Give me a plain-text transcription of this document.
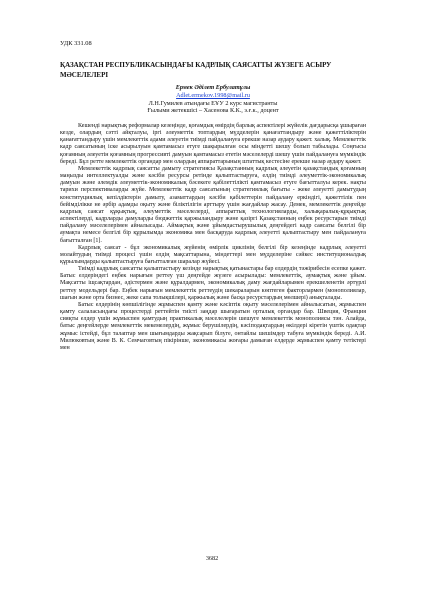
УДК 331.08
ҚАЗАҚСТАН РЕСПУБЛИКАСЫНДАҒЫ КАДРЛЫҚ САЯСАТТЫ ЖҮЗЕГЕ АСЫРУ МӘСЕЛЕЛЕРІ
Ермек Әділет Ербулатұлы
Adlet.ermekov.1998@mail.ru
Л.Н.Гумилев атындағы ЕҰУ 2 курс магистранты
Ғылыми жетекшісі – Хасенова К.К., э.ғ.к., доцент

Кешенді нарықтық реформалар кезеңінде, қоғамдық өмірдің барлық аспектілері жүйелік дағдарысқа ұшыраған кезде, олардың сәтті айқталуы, іргі әлеуметтік топтардың мүдделерін қанағаттандыру және қажеттіліктерін қанағаттандыру үшін мемлекеттік адами әлеуетін тиімді пайдалануға ерекше назар аудару қажет. халық. Мемлекеттік кадр саясатының іске асырылуын қамтамасыз етуге шақырылған осы міндетті шешу болып табылады. Соңғысы қоғамның әлеуетін қоғамның прогрессивті дамуын қамтамасыз ететін мәселелерді шешу үшін пайдалануға мүмкіндік береді. Бұл ретте мемлекеттік органдар мен олардың аппараттарының штаттық кестесіне ерекше назар аудару қажет.

Мемлекеттік кадрлық саясатты дамыту стратегиясы Қазақстанның кадрлық әлеуетін қазақстандық қоғамның маңызды интеллектуалды және кәсіби ресурсы ретінде қалыптастыруға, елдің тиімді әлеуметтік-экономикалық дамуын және әлемдік әлеуметтік-экономикалық бәсекеге қабілеттілікті қамтамасыз етуге бағытталуы керек. нақты тарихи перспективаларды жүйе. Мемлекеттік кадр саясатының стратегиялық бағыты - жеке әлеуетті дамытудың конституциялық кепілдіктерін дамыту, азаматтардың кәсіби қабілеттерін пайдалану еркіндігі, қажеттілік пен бейімділікке не әрбір адамды оқыту және біліктілігін арттыру үшін жағдайлар жасау. Демек, мемлекеттік деңгейде кадрлық саясат құқықтық, әлеуметтік мәселелерді, аппараттық технологияларды, халықаралық-құқықтық аспектілерді, кадрларды дамуларды бюджеттік қаржыландыру және қазіргі Қазақстанның еңбек ресурстарын тиімді пайдалану мәселелерімен айналысады. Аймақтық және ұйымдастырушылық деңгейдегі кадр саясаты белгілі бір аумақта немесе белгілі бір құрылымда экономика мен басқаруда кадрлық әлеуетті қалыптастыру мен пайдалануға бағытталған [1].

Кадрлық саясат - бұл экономикалық жүйенің өмірлік циклінің белгілі бір кезеңінде кадрлық әлеуетті молайтудың тиімді процесі үшін елдің мақсаттарына, міндеттері мен мүдделеріне сәйкес институционалдық құрылымдарды қалыптастыруға бағытталған шаралар жүйесі.

Тиімді кадрлық саясатты қалыптастыру кезінде нарықтық қатынастары бар елдердің тәжірибесін есепке қажет. Батыс елдеріндегі еңбек нарығын реттеу үш деңгейде жүзеге асырылады: мемлекеттік, аумақтық және ұйым. Мақсатты іщсақтардан, әдістермен және құралдармен, экономикалық даму жағдайларымен ерекшеленетін әртүрлі реттеу модельдері бар. Еңбек нарығын мемлекеттік реттеудің шекараларын көптеген факторлармен (монополиялар, шағын және орта бизнес, жеке сапа толықшілері, қаржылық және басқа ресурстардың мөлшері) анықталады.

Батыс елдерінің көпшілігінде жұмыспен қамту және кәсіптік оқыту мәселелерімен айналысатын, жұмыспен қамту салаласындағы процестерді реттейтін тиісті заңдар шығаратын орталық органдар бар. Швеция, Франция сияқты елдер үшін жұмыспен қамтудың практикалық мәселелерін шешуге мемлекеттік монополиясы тән. Алайда, батыс деңгейлерде мемлекеттік мекемелердің, жұмыс берушілердің, кәсіподақтардың өкілдері кіретін үштік одақтар жұмыс істейді, бұл талаптар мен шығымдарды жақсарып білуге, онтайлы шешімдер табуға мүмкіндік береді. А.И. Милюковтың және В. К. Семчаговтың пікірінше, экономикасы жоғары дамыған елдерде жұмыспен қамту тетіктері мен

3682
